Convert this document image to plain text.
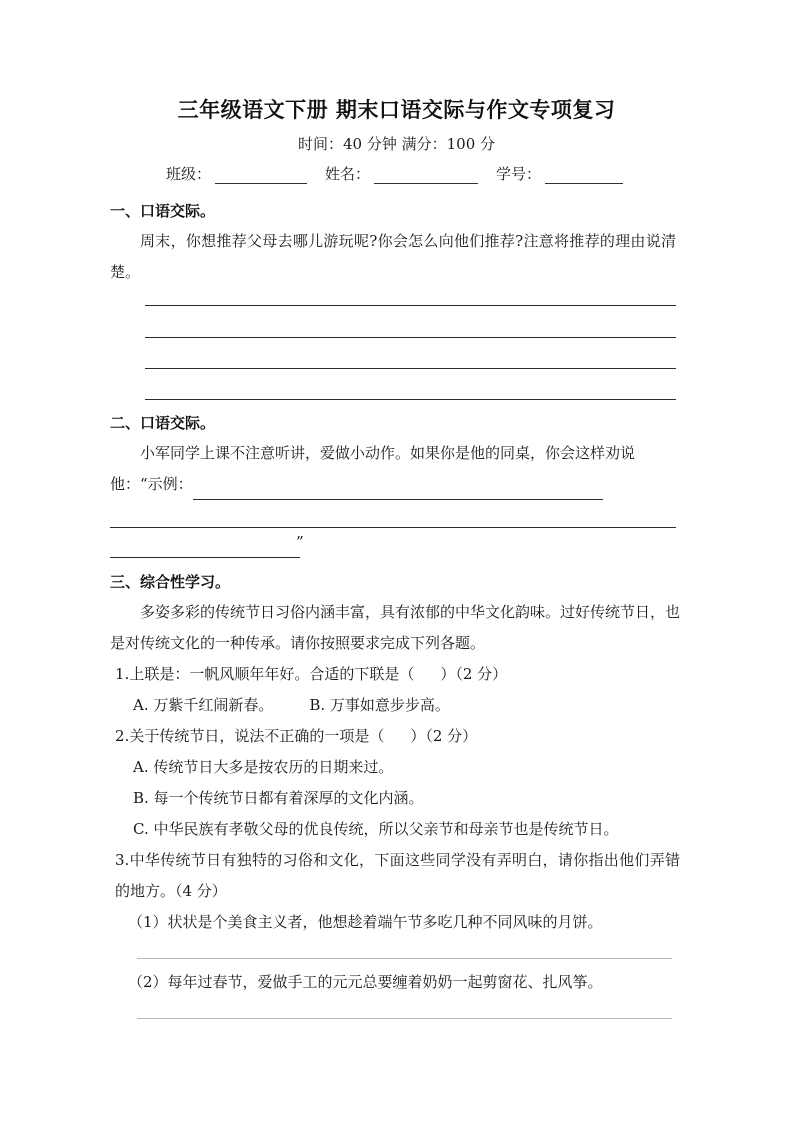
三年级语文下册 期末口语交际与作文专项复习
时间：40 分钟 满分：100 分
班级：	姓名：	学号：
一、口语交际。
周末，你想推荐父母去哪儿游玩呢?你会怎么向他们推荐?注意将推荐的理由说清楚。
二、口语交际。
小军同学上课不注意听讲，爱做小动作。如果你是他的同桌，你会这样劝说
他：“示例：
”
三、综合性学习。
多姿多彩的传统节日习俗内涵丰富，具有浓郁的中华文化韵味。过好传统节日，也是对传统文化的一种传承。请你按照要求完成下列各题。
1.上联是：一帆风顺年年好。合适的下联是（ ）（2 分）
A. 万紫千红闹新春。 B. 万事如意步步高。
2.关于传统节日，说法不正确的一项是（ ）（2 分）
A. 传统节日大多是按农历的日期来过。
B. 每一个传统节日都有着深厚的文化内涵。
C. 中华民族有孝敬父母的优良传统，所以父亲节和母亲节也是传统节日。
3.中华传统节日有独特的习俗和文化，下面这些同学没有弄明白，请你指出他们弄错的地方。（4 分）
（1）状状是个美食主义者，他想趁着端午节多吃几种不同风味的月饼。
（2）每年过春节，爱做手工的元元总要缠着奶奶一起剪窗花、扎风筝。
